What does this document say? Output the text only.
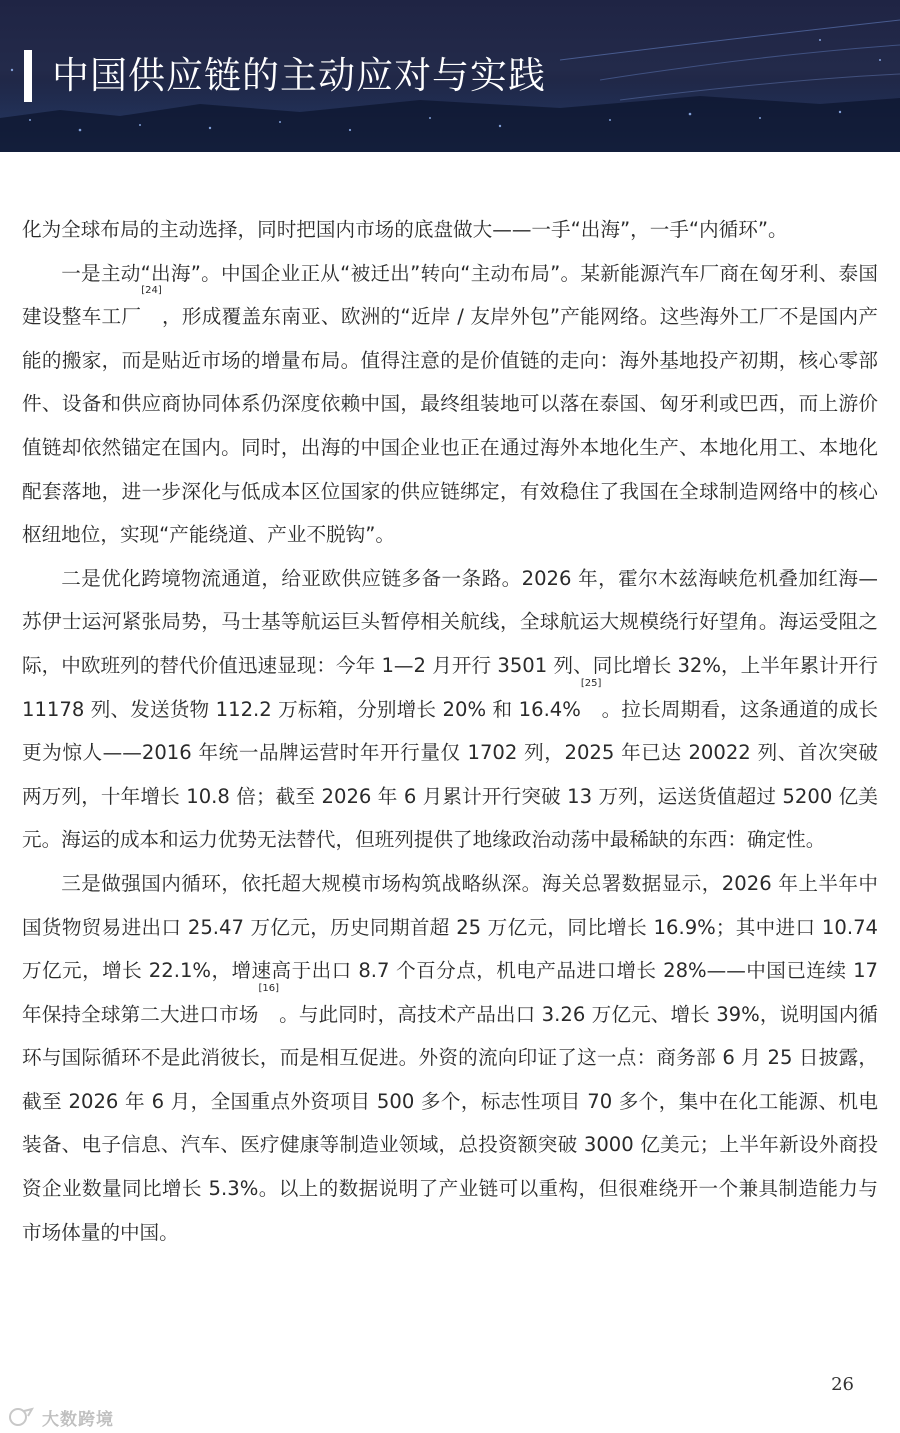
中国供应链的主动应对与实践

化为全球布局的主动选择，同时把国内市场的底盘做大——一手“出海”，一手“内循环”。

一是主动“出海”。中国企业正从“被迁出”转向“主动布局”。某新能源汽车厂商在匈牙利、泰国建设整车工厂[24]，形成覆盖东南亚、欧洲的“近岸 / 友岸外包”产能网络。这些海外工厂不是国内产能的搬家，而是贴近市场的增量布局。值得注意的是价值链的走向：海外基地投产初期，核心零部件、设备和供应商协同体系仍深度依赖中国，最终组装地可以落在泰国、匈牙利或巴西，而上游价值链却依然锚定在国内。同时，出海的中国企业也正在通过海外本地化生产、本地化用工、本地化配套落地，进一步深化与低成本区位国家的供应链绑定，有效稳住了我国在全球制造网络中的核心枢纽地位，实现“产能绕道、产业不脱钩”。

二是优化跨境物流通道，给亚欧供应链多备一条路。2026 年，霍尔木兹海峡危机叠加红海—苏伊士运河紧张局势，马士基等航运巨头暂停相关航线，全球航运大规模绕行好望角。海运受阻之际，中欧班列的替代价值迅速显现：今年 1—2 月开行 3501 列、同比增长 32%，上半年累计开行 11178 列、发送货物 112.2 万标箱，分别增长 20% 和 16.4%[25]。拉长周期看，这条通道的成长更为惊人——2016 年统一品牌运营时年开行量仅 1702 列，2025 年已达 20022 列、首次突破两万列，十年增长 10.8 倍；截至 2026 年 6 月累计开行突破 13 万列，运送货值超过 5200 亿美元。海运的成本和运力优势无法替代，但班列提供了地缘政治动荡中最稀缺的东西：确定性。

三是做强国内循环，依托超大规模市场构筑战略纵深。海关总署数据显示，2026 年上半年中国货物贸易进出口 25.47 万亿元，历史同期首超 25 万亿元，同比增长 16.9%；其中进口 10.74 万亿元，增长 22.1%，增速高于出口 8.7 个百分点，机电产品进口增长 28%——中国已连续 17 年保持全球第二大进口市场[16]。与此同时，高技术产品出口 3.26 万亿元、增长 39%，说明国内循环与国际循环不是此消彼长，而是相互促进。外资的流向印证了这一点：商务部 6 月 25 日披露，截至 2026 年 6 月，全国重点外资项目 500 多个，标志性项目 70 多个，集中在化工能源、机电装备、电子信息、汽车、医疗健康等制造业领域，总投资额突破 3000 亿美元；上半年新设外商投资企业数量同比增长 5.3%。以上的数据说明了产业链可以重构，但很难绕开一个兼具制造能力与市场体量的中国。

26
大数跨境
